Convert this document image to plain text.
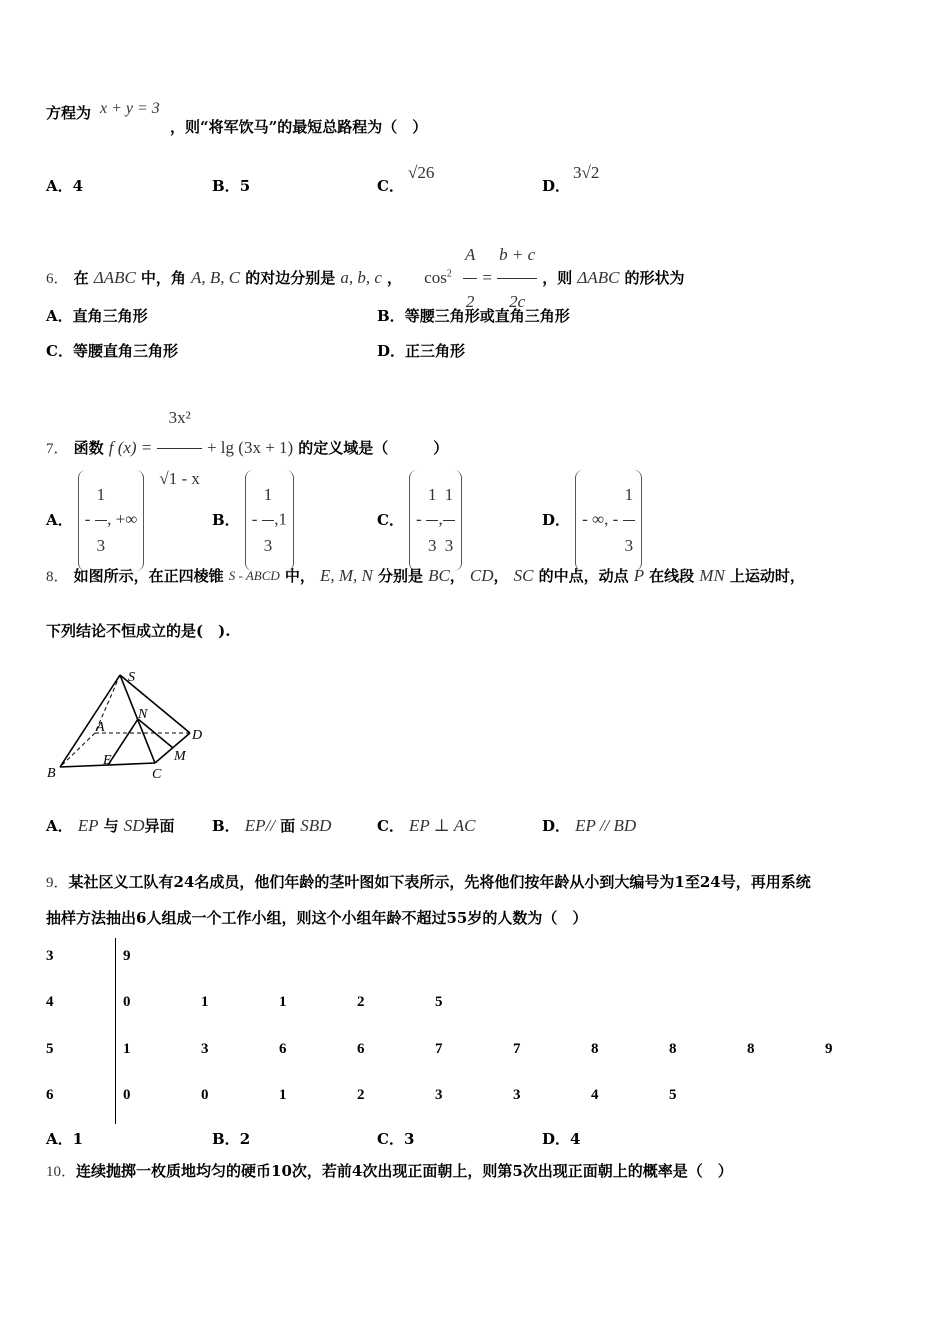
方程为 x + y = 3
，则“将军饮马”的最短总路程为（　）
A．4	B．5	C．
√26
D．
3√2
6． 在 ΔABC 中，角 A, B, C 的对边分别是 a, b, c ， $\cos^2 \frac{A}{2} = \frac{b + c}{2c}$ ，则 ΔABC 的形状为
A．直角三角形	B．等腰三角形或直角三角形
C．等腰直角三角形	D．正三角形
7． 函数 f $(x) = \frac{\text{3x²}}{√1 - x} + \lg (3x + 1)$ 的定义域是（　　　）
A． - $\frac{1}{3}$ , +∞	B． - $\frac{1}{3} ,1$	C． - $\frac{1}{3}$ , $\frac{1}{3}$	D． - ∞, - $\frac{1}{3}$
8． 如图所示，在正四棱锥 $^{S - ABCD}$ 中， E, M, N 分别是 BC， CD， SC 的中点，动点 P 在线段 MN 上运动时，
下列结论不恒成立的是(　).
S
A
N
D
M
E
B	C
A． EP 与 SD异面 B． EP// 面 SBD	C． EP ⊥ AC	D． EP // BD
9．某社区义工队有24名成员，他们年龄的茎叶图如下表所示，先将他们按年龄从小到大编号为1至24号，再用系统
抽样方法抽出6人组成一个工作小组，则这个小组年龄不超过55岁的人数为（　）
3	9
4	0	1	1	2	5
5	1	3	6	6	7	7	8	8	8	9
6	0	0	1	2	3	3	4	5
A．1	B．2	C．3	D．4
10．连续抛掷一枚质地均匀的硬币10次，若前4次出现正面朝上，则第5次出现正面朝上的概率是（　）
